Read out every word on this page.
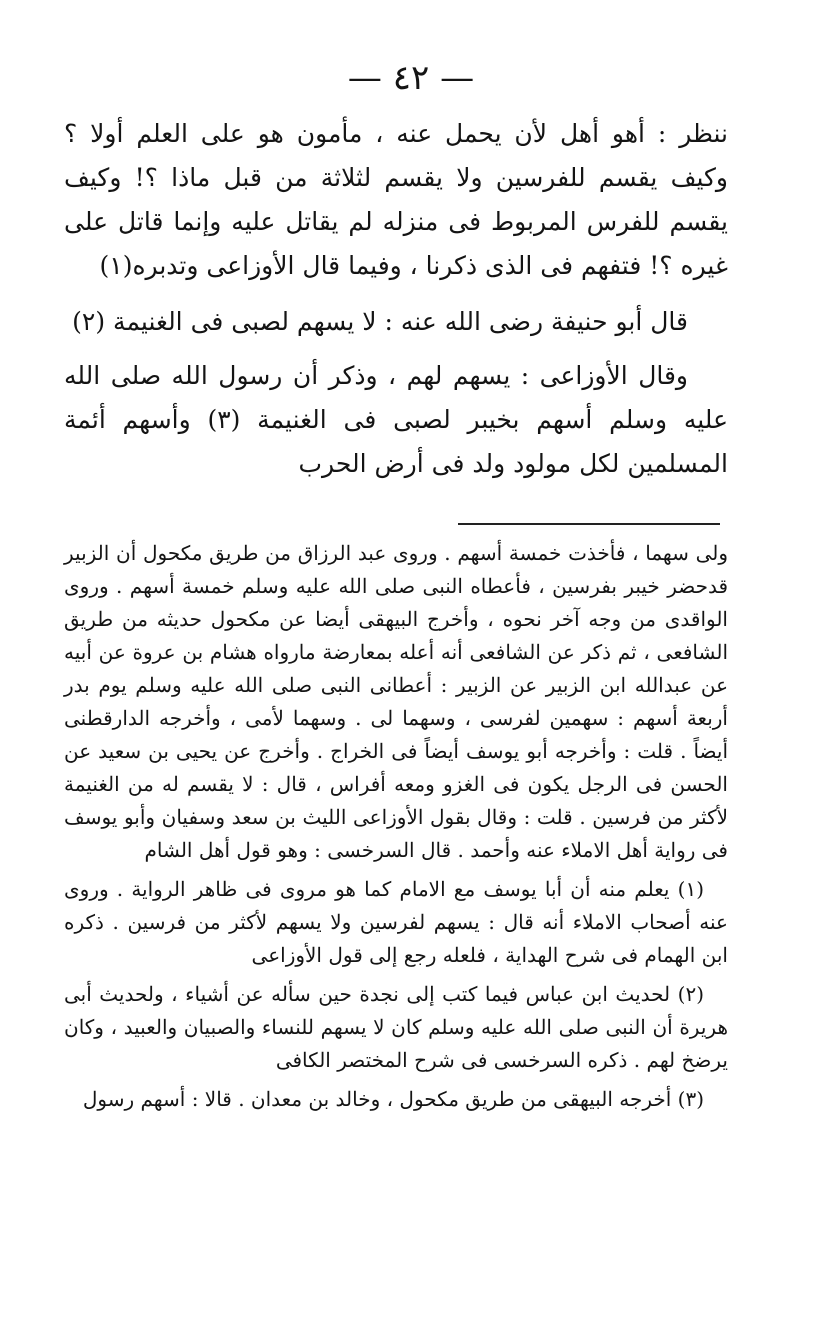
— ٤٢ —

ننظر : أهو أهل لأن يحمل عنه ، مأمون هو على العلم أولا ؟ وكيف يقسم للفرسين ولا يقسم لثلاثة من قبل ماذا ؟! وكيف يقسم للفرس المربوط فى منزله لم يقاتل عليه وإنما قاتل على غيره ؟! فتفهم فى الذى ذكرنا ، وفيما قال الأوزاعى وتدبره(١)

قال أبو حنيفة رضى الله عنه : لا يسهم لصبى فى الغنيمة (٢)

وقال الأوزاعى : يسهم لهم ، وذكر أن رسول الله صلى الله عليه وسلم أسهم بخيبر لصبى فى الغنيمة (٣) وأسهم أئمة المسلمين لكل مولود ولد فى أرض الحرب

ولى سهما ، فأخذت خمسة أسهم . وروى عبد الرزاق من طريق مكحول أن الزبير قدحضر خيبر بفرسين ، فأعطاه النبى صلى الله عليه وسلم خمسة أسهم . وروى الواقدى من وجه آخر نحوه ، وأخرج البيهقى أيضا عن مكحول حديثه من طريق الشافعى ، ثم ذكر عن الشافعى أنه أعله بمعارضة مارواه هشام بن عروة عن أبيه عن عبدالله ابن الزبير عن الزبير : أعطانى النبى صلى الله عليه وسلم يوم بدر أربعة أسهم : سهمين لفرسى ، وسهما لى . وسهما لأمى ، وأخرجه الدارقطنى أيضاً . قلت : وأخرجه أبو يوسف أيضاً فى الخراج . وأخرج عن يحيى بن سعيد عن الحسن فى الرجل يكون فى الغزو ومعه أفراس ، قال : لا يقسم له من الغنيمة لأكثر من فرسين . قلت : وقال بقول الأوزاعى الليث بن سعد وسفيان وأبو يوسف فى رواية أهل الاملاء عنه وأحمد . قال السرخسى : وهو قول أهل الشام

(١) يعلم منه أن أبا يوسف مع الامام كما هو مروى فى ظاهر الرواية . وروى عنه أصحاب الاملاء أنه قال : يسهم لفرسين ولا يسهم لأكثر من فرسين . ذكره ابن الهمام فى شرح الهداية ، فلعله رجع إلى قول الأوزاعى

(٢) لحديث ابن عباس فيما كتب إلى نجدة حين سأله عن أشياء ، ولحديث أبى هريرة أن النبى صلى الله عليه وسلم كان لا يسهم للنساء والصبيان والعبيد ، وكان يرضخ لهم . ذكره السرخسى فى شرح المختصر الكافى

(٣) أخرجه البيهقى من طريق مكحول ، وخالد بن معدان . قالا : أسهم رسول
